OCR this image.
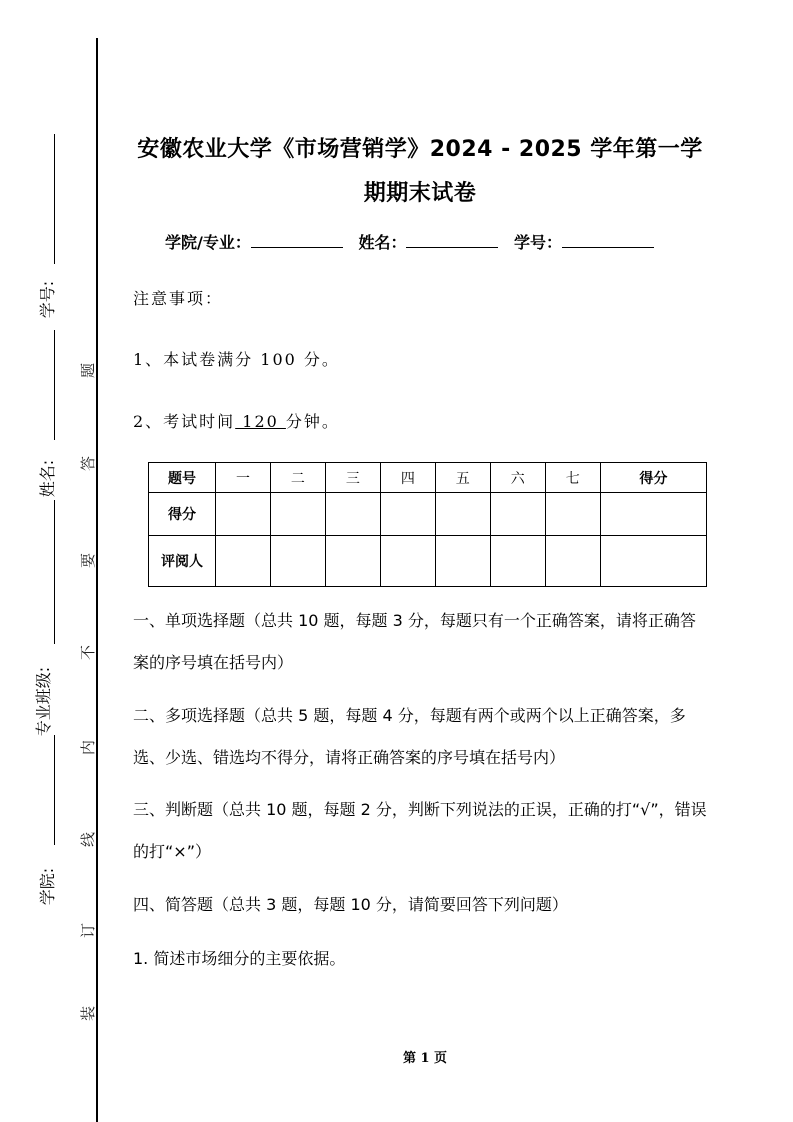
学号:
姓名:
专业班级:
学院:
题
答
要
不
内
线
订
装
安徽农业大学《市场营销学》2024 - 2025 学年第一学
期期末试卷
学院/专业：	姓名：	学号：
注意事项：
1、本试卷满分 100 分。
2、考试时间 120 分钟。
题号	一	二	三	四	五	六	七	得分
得分								
评阅人								
一、单项选择题（总共 10 题，每题 3 分，每题只有一个正确答案，请将正确答案的序号填在括号内）
二、多项选择题（总共 5 题，每题 4 分，每题有两个或两个以上正确答案，多选、少选、错选均不得分，请将正确答案的序号填在括号内）
三、判断题（总共 10 题，每题 2 分，判断下列说法的正误，正确的打“√”，错误的打“×”）
四、简答题（总共 3 题，每题 10 分，请简要回答下列问题）
1. 简述市场细分的主要依据。
第 1 页
